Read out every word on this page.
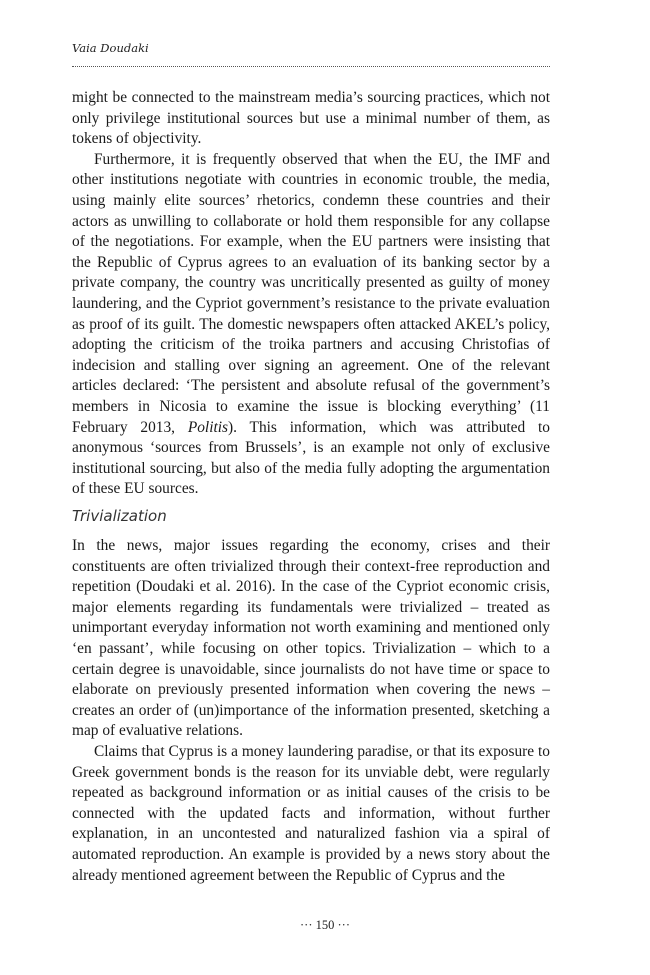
Vaia Doudaki

might be connected to the mainstream media’s sourcing practices, which not only privilege institutional sources but use a minimal number of them, as tokens of objectivity.

Furthermore, it is frequently observed that when the EU, the IMF and other institutions negotiate with countries in economic trouble, the media, using mainly elite sources’ rhetorics, condemn these countries and their actors as unwilling to collaborate or hold them responsible for any collapse of the negotiations. For example, when the EU partners were insisting that the Republic of Cyprus agrees to an evaluation of its banking sector by a private company, the country was uncritically presented as guilty of money laundering, and the Cypriot government’s resistance to the private evaluation as proof of its guilt. The domestic newspapers often attacked AKEL’s policy, adopting the criticism of the troika partners and accusing Christofias of indecision and stalling over signing an agreement. One of the relevant articles declared: ‘The persistent and absolute refusal of the government’s members in Nicosia to examine the issue is blocking everything’ (11 February 2013, Politis). This information, which was attributed to anonymous ‘sources from Brussels’, is an example not only of exclusive institutional sourcing, but also of the media fully adopting the argumentation of these EU sources.

Trivialization

In the news, major issues regarding the economy, crises and their constituents are often trivialized through their context-free reproduction and repetition (Doudaki et al. 2016). In the case of the Cypriot economic crisis, major elements regarding its fundamentals were trivialized – treated as unimportant everyday information not worth examining and mentioned only ‘en passant’, while focusing on other topics. Trivialization – which to a certain degree is unavoidable, since journalists do not have time or space to elaborate on previously presented information when covering the news – creates an order of (un)importance of the information presented, sketching a map of evaluative relations.

Claims that Cyprus is a money laundering paradise, or that its exposure to Greek government bonds is the reason for its unviable debt, were regularly repeated as background information or as initial causes of the crisis to be connected with the updated facts and information, without further explanation, in an uncontested and naturalized fashion via a spiral of automated reproduction. An example is provided by a news story about the already mentioned agreement between the Republic of Cyprus and the

··· 150 ···
